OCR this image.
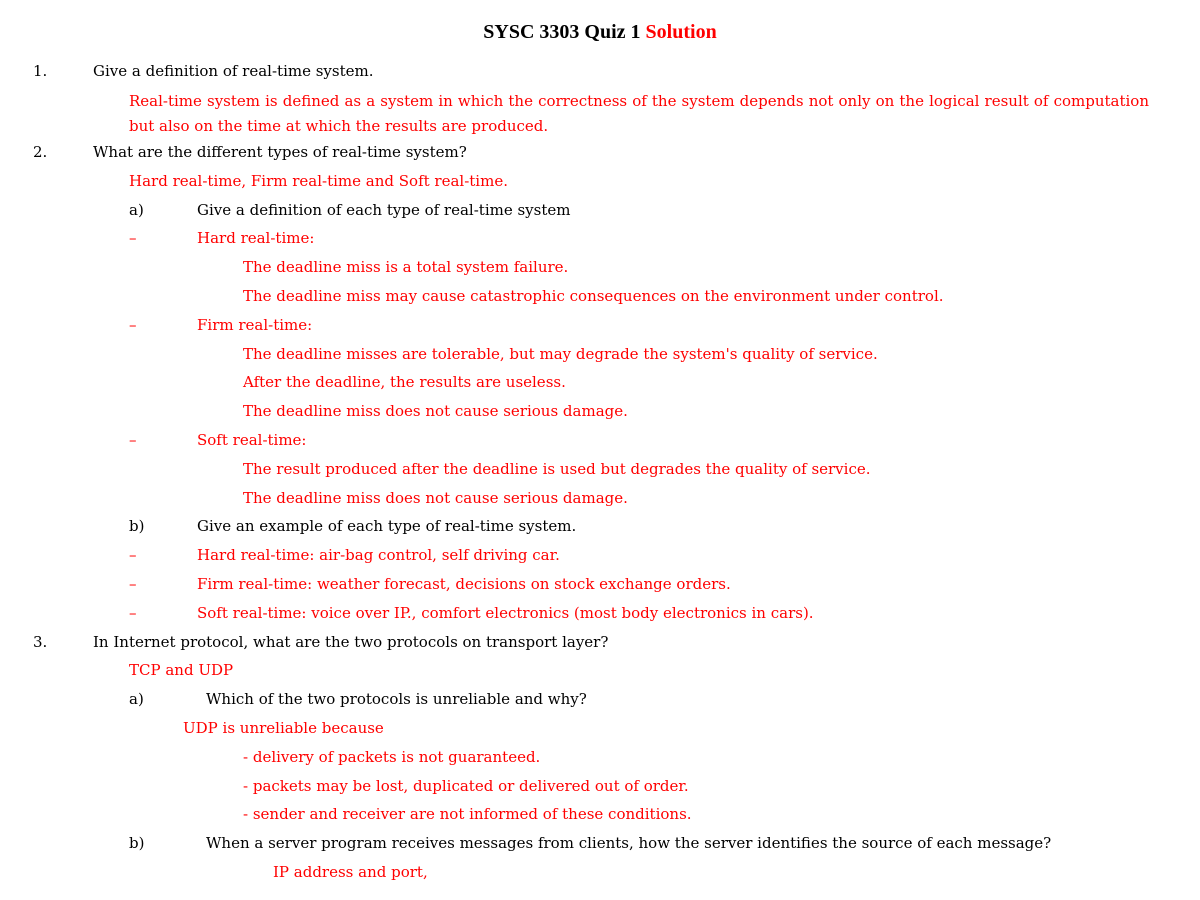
SYSC 3303 Quiz 1 Solution
1.	Give a definition of real-time system.
Real-time system is defined as a system in which the correctness of the system depends not only on the logical result of computation but also on the time at which the results are produced.
2.	What are the different types of real-time system?
Hard real-time, Firm real-time and Soft real-time.
a)	Give a definition of each type of real-time system
–	Hard real-time:
The deadline miss is a total system failure.
The deadline miss may cause catastrophic consequences on the environment under control.
–	Firm real-time:
The deadline misses are tolerable, but may degrade the system's quality of service.
After the deadline, the results are useless.
The deadline miss does not cause serious damage.
–	Soft real-time:
The result produced after the deadline is used but degrades the quality of service.
The deadline miss does not cause serious damage.
b)	Give an example of each type of real-time system.
–	Hard real-time: air-bag control, self driving car.
–	Firm real-time: weather forecast, decisions on stock exchange orders.
–	Soft real-time: voice over IP., comfort electronics (most body electronics in cars).
3.	In Internet protocol, what are the two protocols on transport layer?
TCP and UDP
a)	Which of the two protocols is unreliable and why?
UDP is unreliable because
- delivery of packets is not guaranteed.
- packets may be lost, duplicated or delivered out of order.
- sender and receiver are not informed of these conditions.
b)	When a server program receives messages from clients, how the server identifies the source of each message?
IP address and port,
